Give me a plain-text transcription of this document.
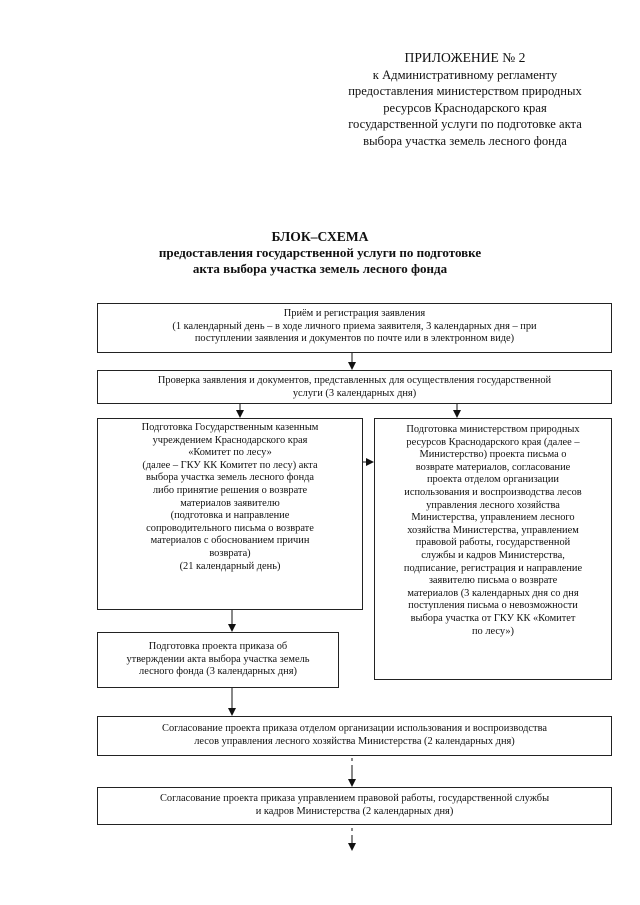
ПРИЛОЖЕНИЕ № 2
к Административному регламенту
предоставления министерством природных
ресурсов Краснодарского края
государственной услуги по подготовке акта
выбора участка земель лесного фонда
БЛОК–СХЕМА
предоставления государственной услуги по подготовке
акта выбора участка земель лесного фонда
Приём и регистрация заявления
(1 календарный день – в ходе личного приема заявителя, 3 календарных дня – при
поступлении заявления и документов по почте или в электронном виде)
Проверка заявления и документов, представленных для осуществления государственной
услуги (3 календарных дня)
Подготовка Государственным казенным
учреждением Краснодарского края
«Комитет по лесу»
(далее – ГКУ КК Комитет по лесу) акта
выбора участка земель лесного фонда
либо принятие решения о возврате
материалов заявителю
(подготовка и направление
сопроводительного письма о возврате
материалов с обоснованием причин
возврата)
(21 календарный день)
Подготовка министерством природных
ресурсов Краснодарского края (далее –
Министерство) проекта письма о
возврате материалов, согласование
проекта отделом организации
использования и воспроизводства лесов
управления лесного хозяйства
Министерства, управлением лесного
хозяйства Министерства, управлением
правовой работы, государственной
службы и кадров Министерства,
подписание, регистрация и направление
заявителю письма о возврате
материалов (3 календарных дня со дня
поступления письма о невозможности
выбора участка от ГКУ КК «Комитет
по лесу»)
Подготовка проекта приказа об
утверждении акта выбора участка земель
лесного фонда (3 календарных дня)
Согласование проекта приказа отделом организации использования и воспроизводства
лесов управления лесного хозяйства Министерства (2 календарных дня)
Согласование проекта приказа управлением правовой работы, государственной службы
и кадров Министерства (2 календарных дня)
